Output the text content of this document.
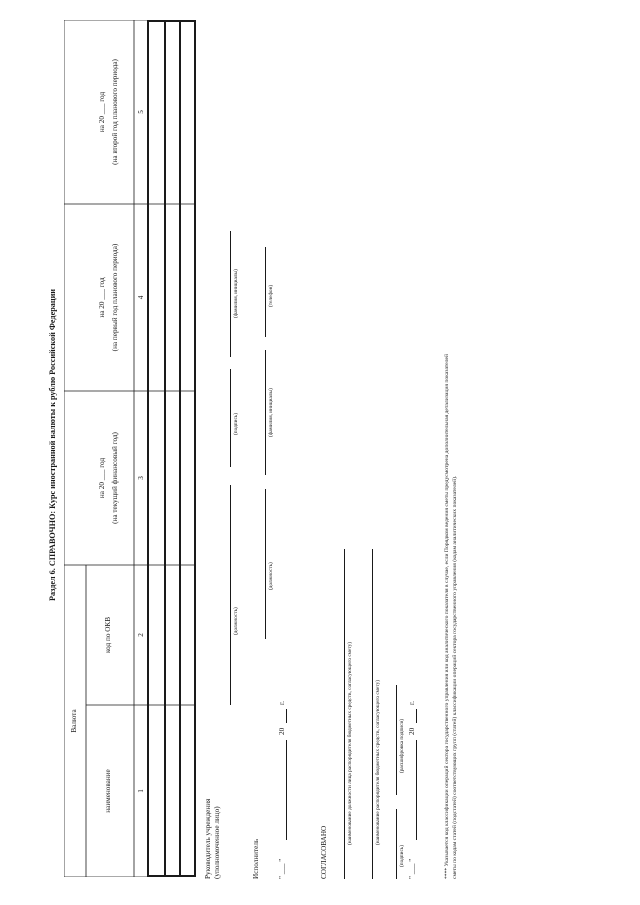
Раздел 6. СПРАВОЧНО: Курс иностранной валюты к рублю Российской Федерации
Валюта
наименование
код по ОКВ
на 20 ___ год (на текущий финансовый год)
на 20 ___ год (на первый год планового периода)
на 20 ___ год (на второй год планового периода)
1
2
3
4
5
Руководитель учреждения (уполномоченное лицо)
(должность)
(подпись)
(фамилия, инициалы)
Исполнитель
(должность)
(фамилия, инициалы)
(телефон)
" ___ "
20
г.
СОГЛАСОВАНО
(наименование должности лица распорядителя бюджетных средств, согласующего смету)	(наименование распорядителя бюджетных средств, согласующего смету)
(подпись)
(расшифровка подписи)
" ___ "
20
г.	**** Указывается код классификации операций сектора государственного управления или код аналитического показателя в случае, если Порядком ведения сметы предусмотрена дополнительная детализация показателей сметы по кодам статей (подстатей) соответствующих групп (статей) классификации операций сектора государственного управления (кодам аналитических показателей).
